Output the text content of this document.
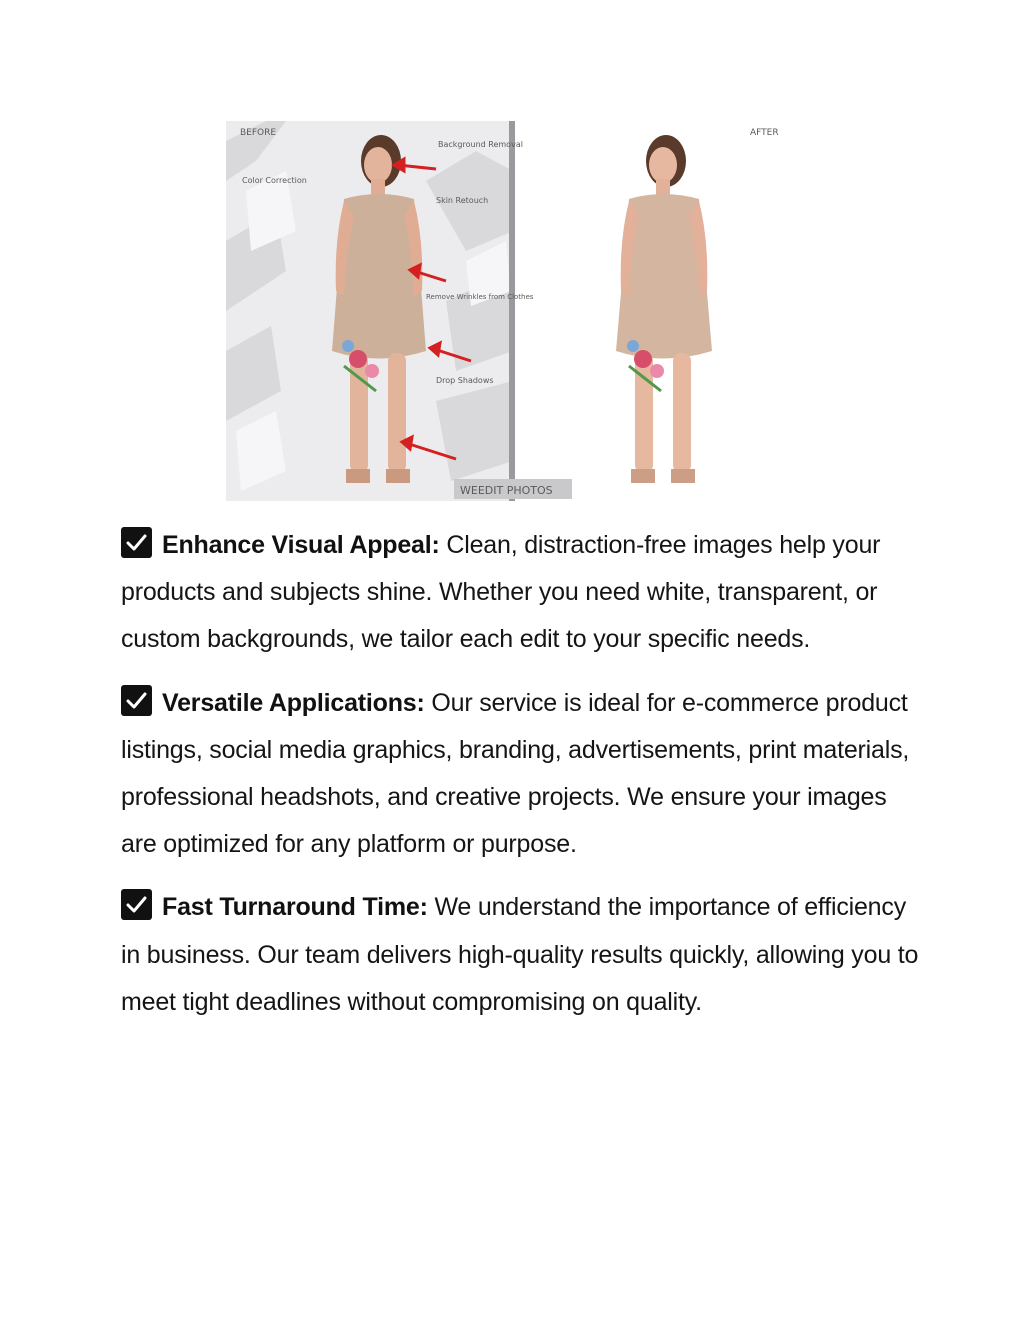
BEFORE	AFTER
Background Removal
Color Correction
Skin Retouch
Remove Wrinkles from Clothes
Drop Shadows
WEEDIT PHOTOS

Enhance Visual Appeal: Clean, distraction-free images help your products and subjects shine. Whether you need white, transparent, or custom backgrounds, we tailor each edit to your specific needs.

Versatile Applications: Our service is ideal for e-commerce product listings, social media graphics, branding, advertisements, print materials, professional headshots, and creative projects. We ensure your images are optimized for any platform or purpose.

Fast Turnaround Time: We understand the importance of efficiency in business. Our team delivers high-quality results quickly, allowing you to meet tight deadlines without compromising on quality.
